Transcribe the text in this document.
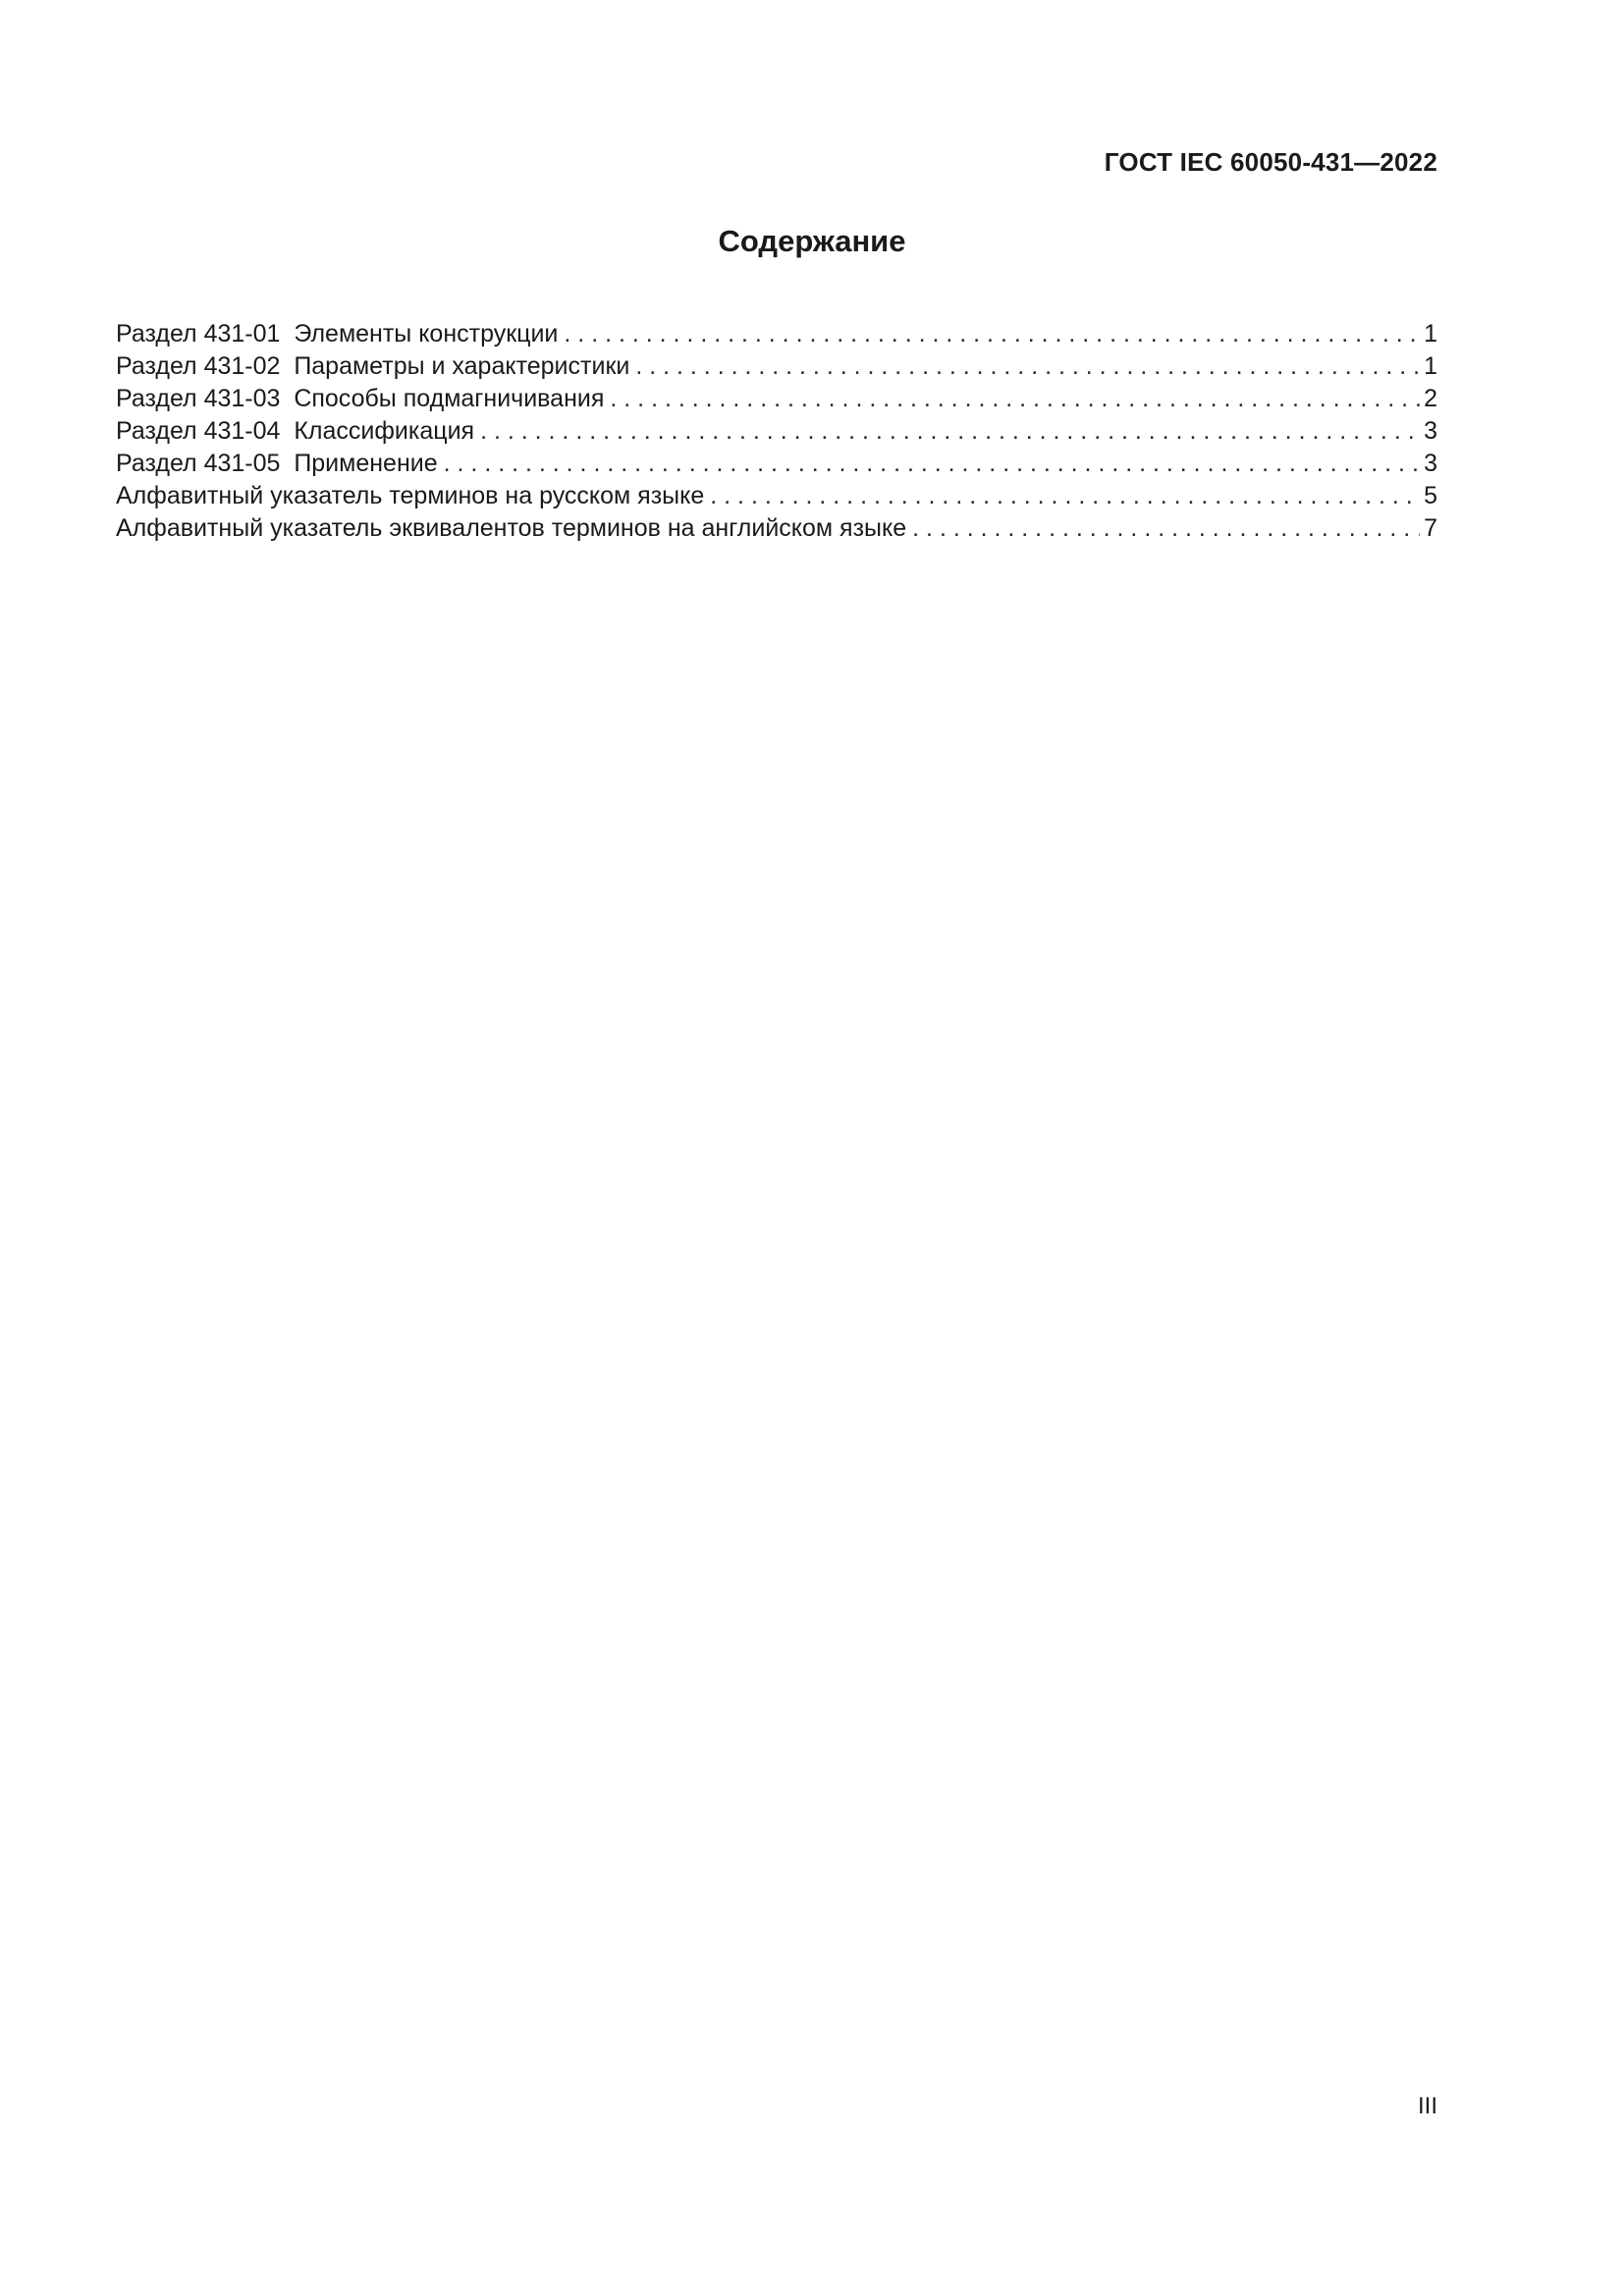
ГОСТ IEC 60050-431—2022
Содержание
Раздел 431-01 Элементы конструкции . . .	1
Раздел 431-02 Параметры и характеристики . . .	1
Раздел 431-03 Способы подмагничивания . . .	2
Раздел 431-04 Классификация . . .	3
Раздел 431-05 Применение . . .	3
Алфавитный указатель терминов на русском языке . . .	5
Алфавитный указатель эквивалентов терминов на английском языке . . .	7
III
